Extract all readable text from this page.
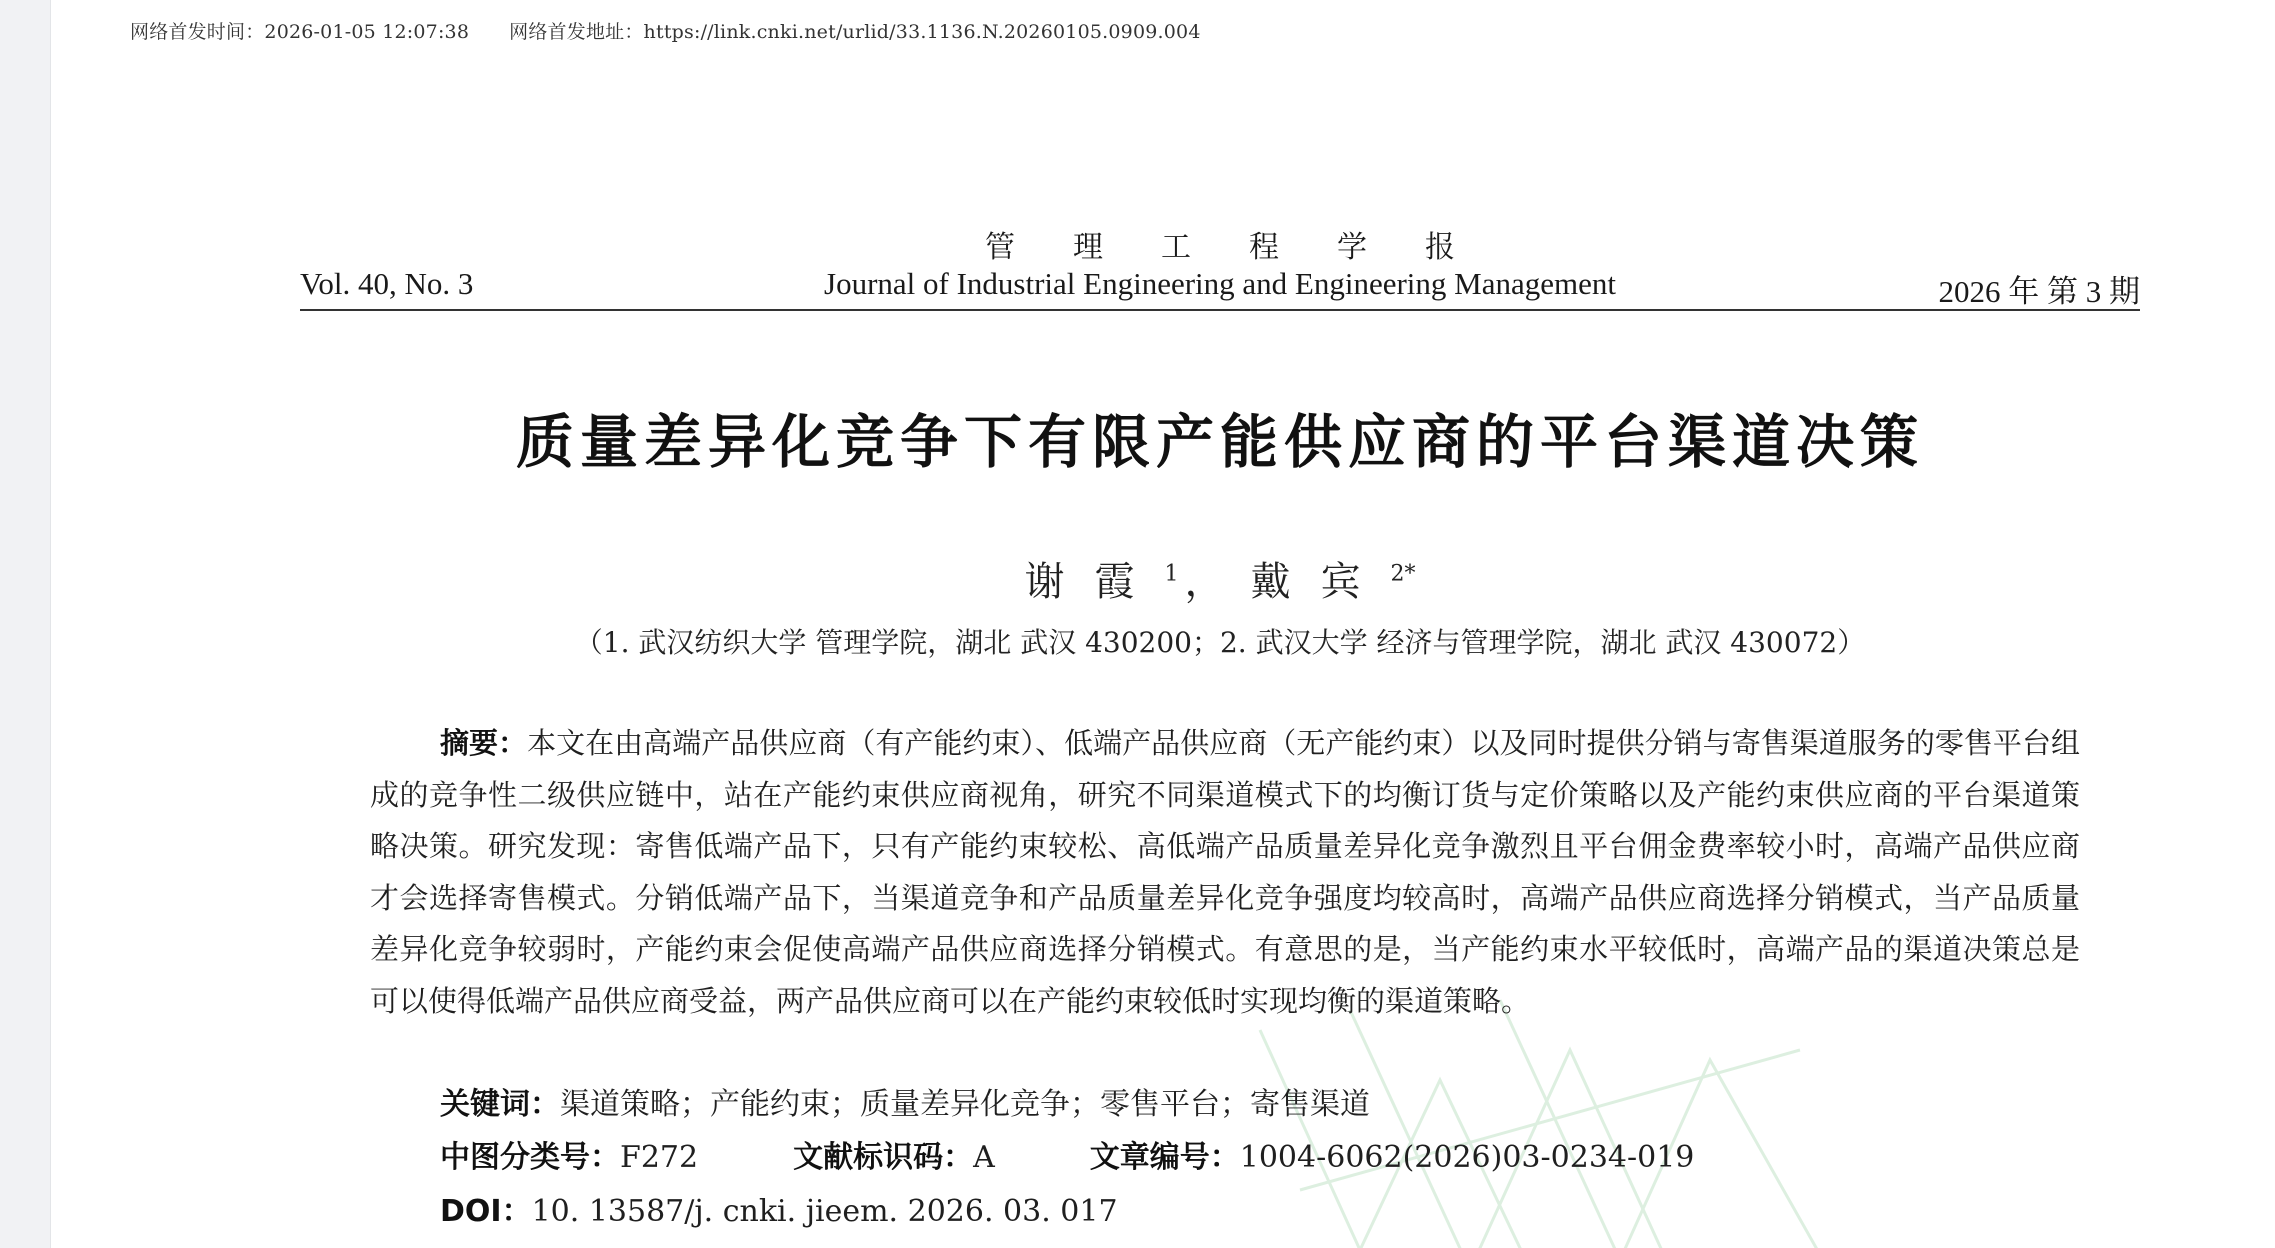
网络首发时间：2026-01-05 12:07:38 网络首发地址：https://link.cnki.net/urlid/33.1136.N.20260105.0909.004
Vol. 40, No. 3
管理工程学报
Journal of Industrial Engineering and Engineering Management	2026 年 第 3 期
质量差异化竞争下有限产能供应商的平台渠道决策
谢霞$^1$ ， 戴宾$^{2*}$
（1. 武汉纺织大学 管理学院，湖北 武汉 430200；2. 武汉大学 经济与管理学院，湖北 武汉 430072）
摘要：本文在由高端产品供应商（有产能约束）、低端产品供应商（无产能约束）以及同时提供分销与寄售渠道服务的零售平台组成的竞争性二级供应链中，站在产能约束供应商视角，研究不同渠道模式下的均衡订货与定价策略以及产能约束供应商的平台渠道策略决策。研究发现：寄售低端产品下，只有产能约束较松、高低端产品质量差异化竞争激烈且平台佣金费率较小时，高端产品供应商才会选择寄售模式。分销低端产品下，当渠道竞争和产品质量差异化竞争强度均较高时，高端产品供应商选择分销模式，当产品质量差异化竞争较弱时，产能约束会促使高端产品供应商选择分销模式。有意思的是，当产能约束水平较低时，高端产品的渠道决策总是可以使得低端产品供应商受益，两产品供应商可以在产能约束较低时实现均衡的渠道策略。
关键词：渠道策略；产能约束；质量差异化竞争；零售平台；寄售渠道
中图分类号：F272	文献标识码：A	文章编号：1004-6062(2026)03-0234-019
DOI：10. 13587/j. cnki. jieem. 2026. 03. 017
